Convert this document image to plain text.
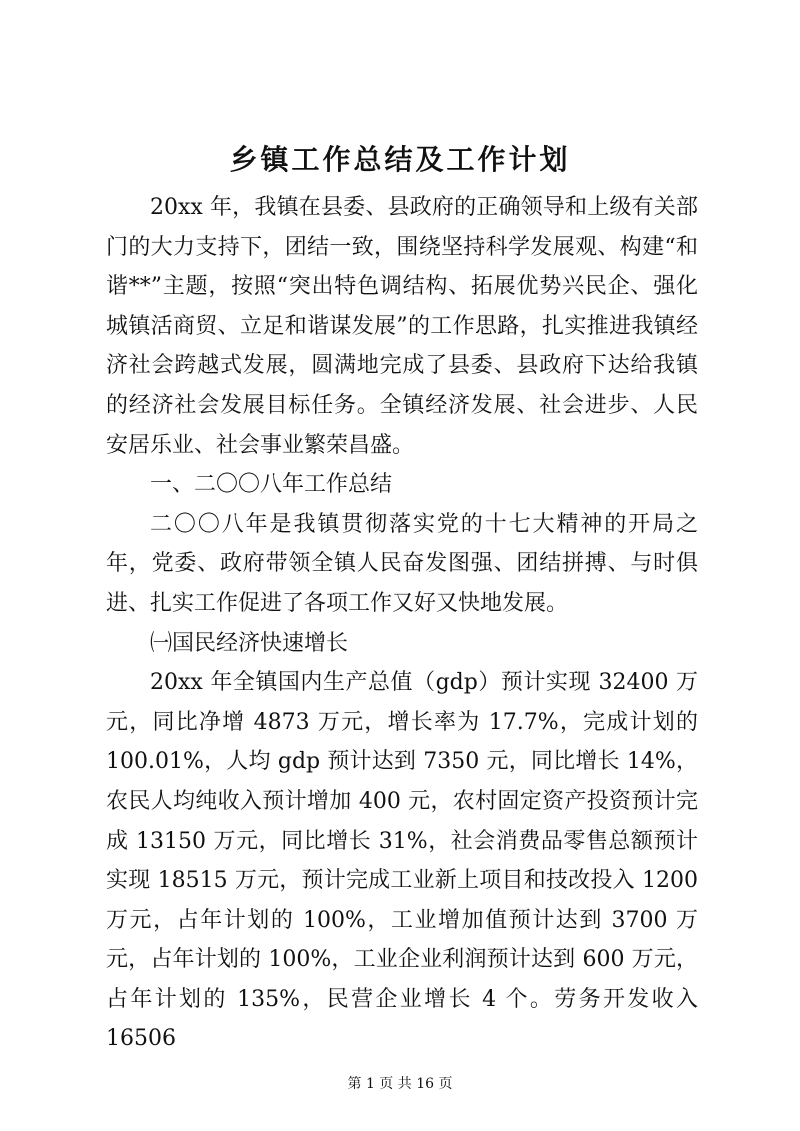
乡镇工作总结及工作计划

20xx 年，我镇在县委、县政府的正确领导和上级有关部门的大力支持下，团结一致，围绕坚持科学发展观、构建“和谐**”主题，按照“突出特色调结构、拓展优势兴民企、强化城镇活商贸、立足和谐谋发展”的工作思路，扎实推进我镇经济社会跨越式发展，圆满地完成了县委、县政府下达给我镇的经济社会发展目标任务。全镇经济发展、社会进步、人民安居乐业、社会事业繁荣昌盛。

一、二〇〇八年工作总结

二〇〇八年是我镇贯彻落实党的十七大精神的开局之年，党委、政府带领全镇人民奋发图强、团结拼搏、与时俱进、扎实工作促进了各项工作又好又快地发展。

㈠国民经济快速增长

20xx 年全镇国内生产总值（gdp）预计实现 32400 万元，同比净增 4873 万元，增长率为 17.7%，完成计划的 100.01%，人均 gdp 预计达到 7350 元，同比增长 14%，农民人均纯收入预计增加 400 元，农村固定资产投资预计完成 13150 万元，同比增长 31%，社会消费品零售总额预计实现 18515 万元，预计完成工业新上项目和技改投入 1200 万元，占年计划的 100%，工业增加值预计达到 3700 万元，占年计划的 100%，工业企业利润预计达到 600 万元，占年计划的 135%，民营企业增长 4 个。劳务开发收入 16506

第 1 页 共 16 页
